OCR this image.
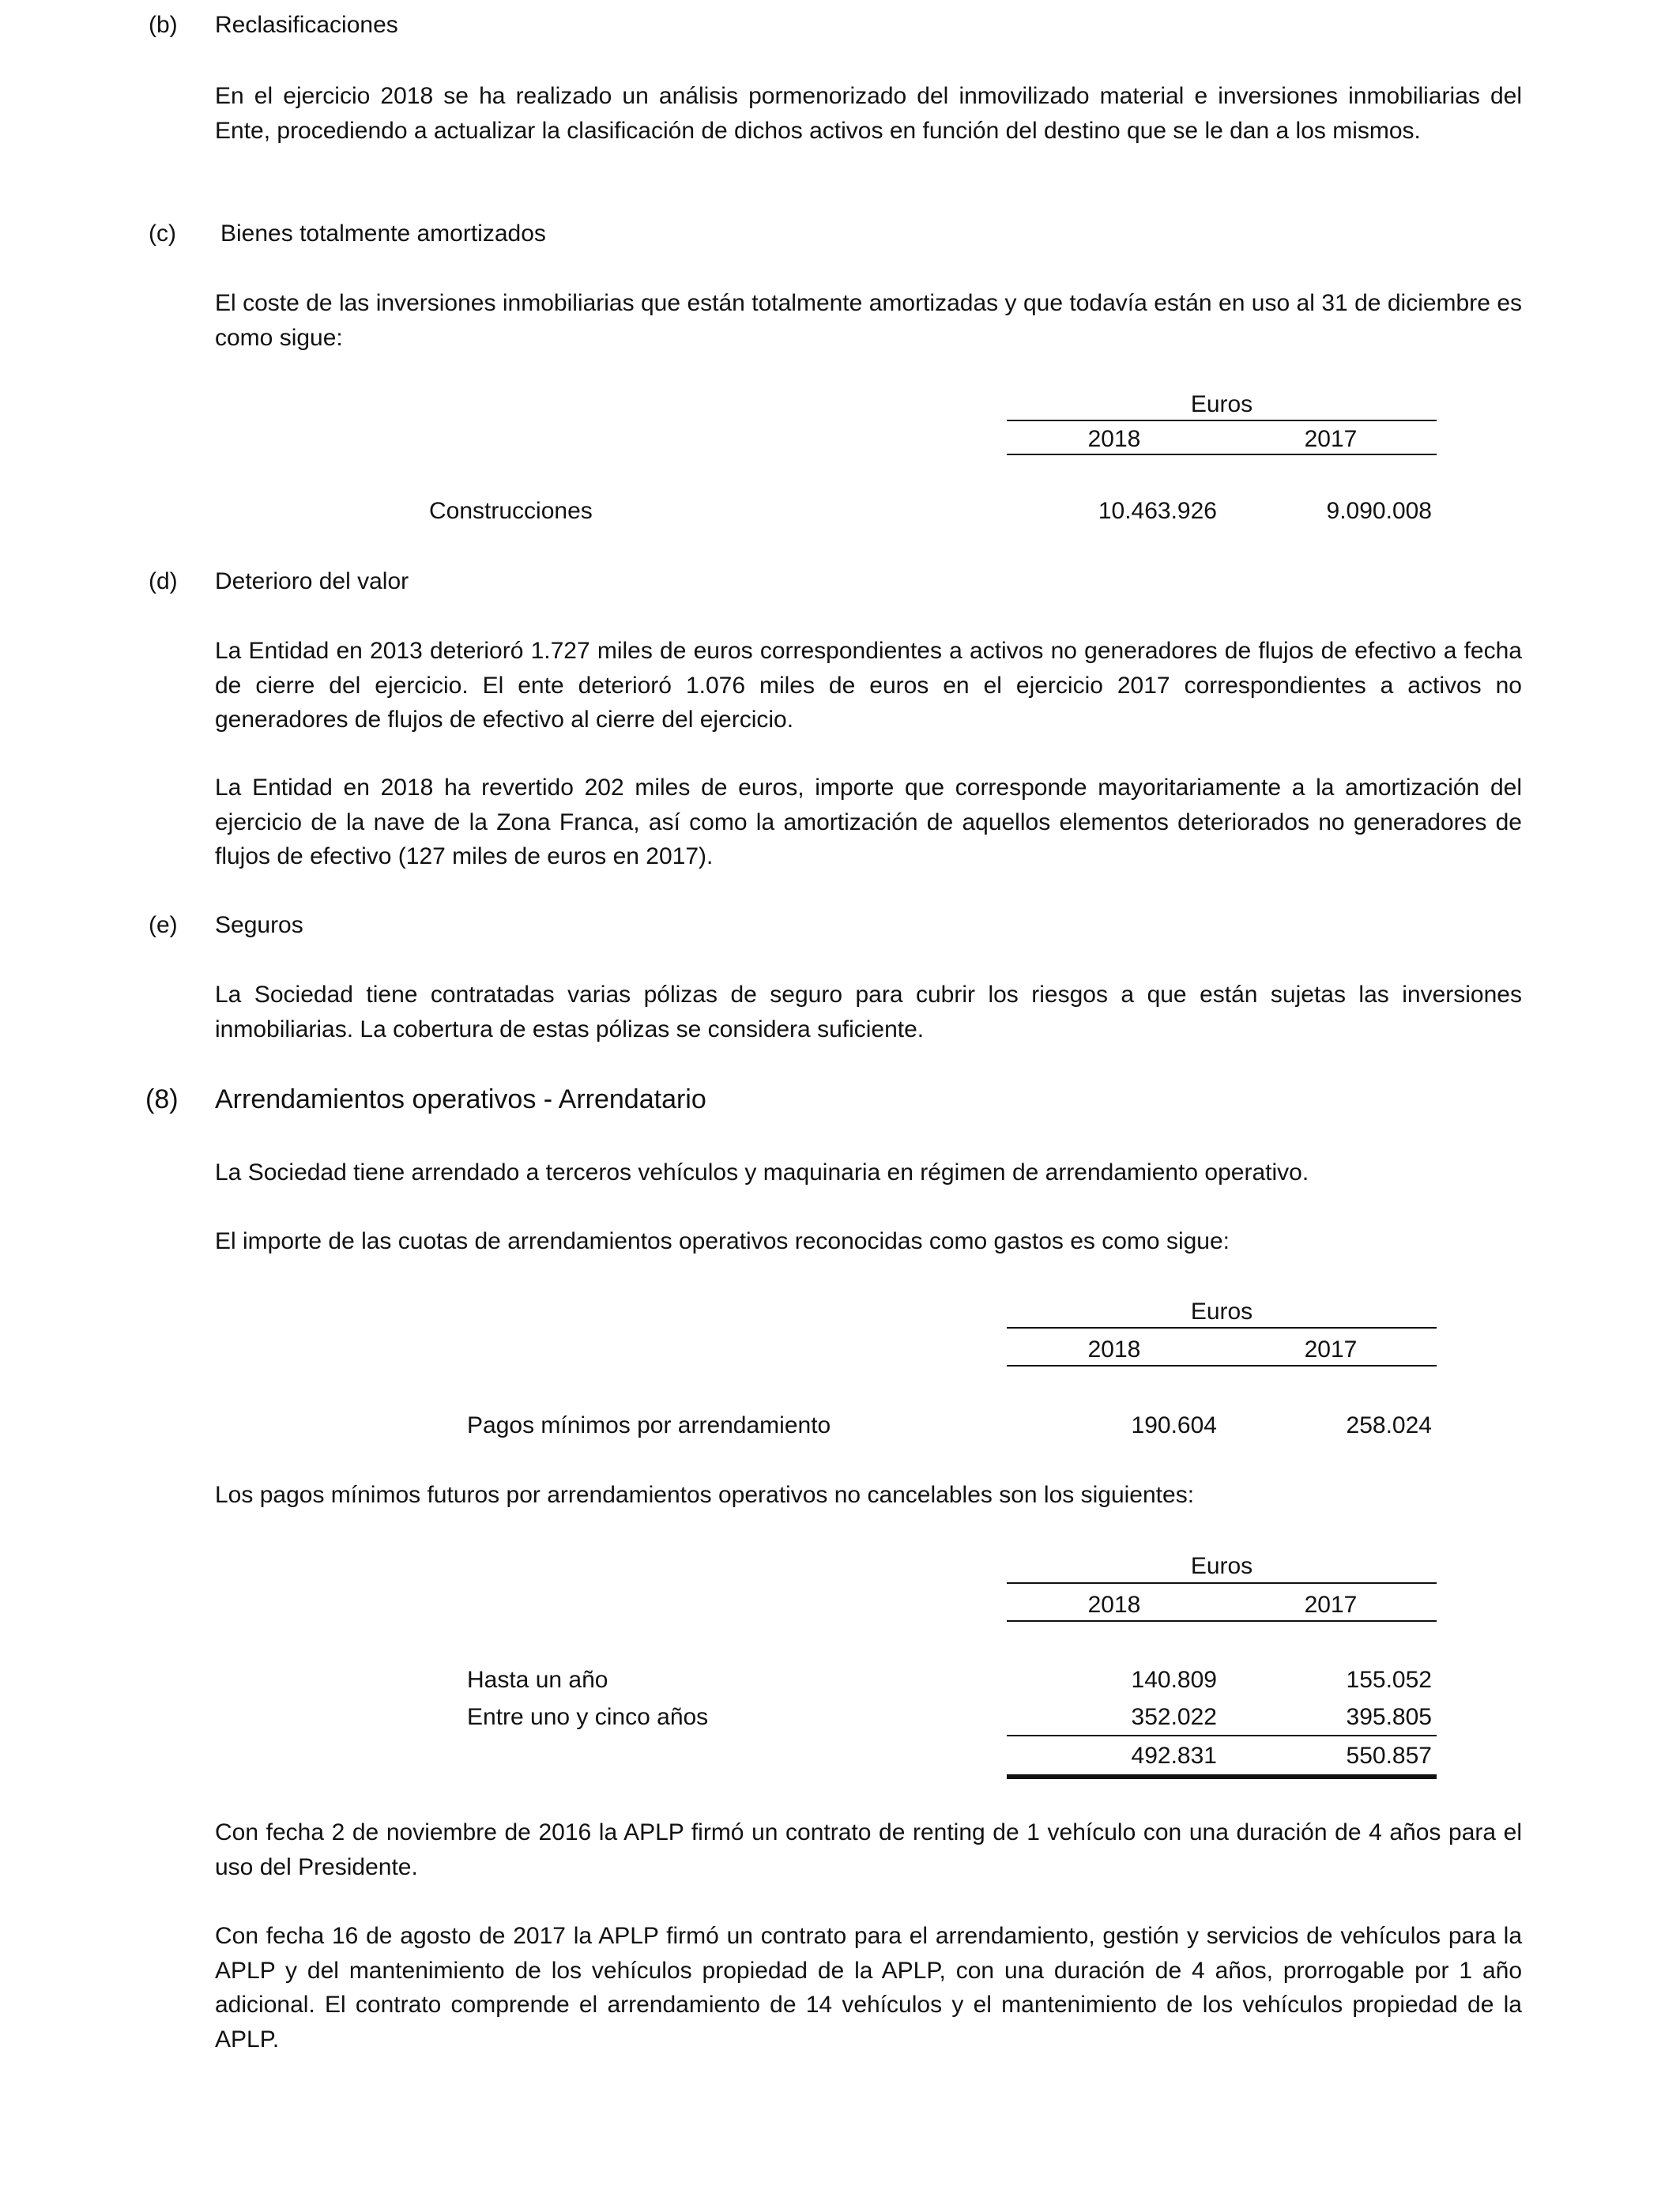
(b) Reclasificaciones
En el ejercicio 2018 se ha realizado un análisis pormenorizado del inmovilizado material e inversiones inmobiliarias del Ente, procediendo a actualizar la clasificación de dichos activos en función del destino que se le dan a los mismos.
(c) Bienes totalmente amortizados
El coste de las inversiones inmobiliarias que están totalmente amortizadas y que todavía están en uso al 31 de diciembre es como sigue:
Euros
2018	2017
Construcciones	10.463.926	9.090.008
(d) Deterioro del valor
La Entidad en 2013 deterioró 1.727 miles de euros correspondientes a activos no generadores de flujos de efectivo a fecha de cierre del ejercicio. El ente deterioró 1.076 miles de euros en el ejercicio 2017 correspondientes a activos no generadores de flujos de efectivo al cierre del ejercicio.
La Entidad en 2018 ha revertido 202 miles de euros, importe que corresponde mayoritariamente a la amortización del ejercicio de la nave de la Zona Franca, así como la amortización de aquellos elementos deteriorados no generadores de flujos de efectivo (127 miles de euros en 2017).
(e) Seguros
La Sociedad tiene contratadas varias pólizas de seguro para cubrir los riesgos a que están sujetas las inversiones inmobiliarias. La cobertura de estas pólizas se considera suficiente.
(8) Arrendamientos operativos - Arrendatario
La Sociedad tiene arrendado a terceros vehículos y maquinaria en régimen de arrendamiento operativo.
El importe de las cuotas de arrendamientos operativos reconocidas como gastos es como sigue:
Euros
2018	2017
Pagos mínimos por arrendamiento	190.604	258.024
Los pagos mínimos futuros por arrendamientos operativos no cancelables son los siguientes:
Euros
2018	2017
Hasta un año	140.809	155.052
Entre uno y cinco años	352.022	395.805
492.831	550.857
Con fecha 2 de noviembre de 2016 la APLP firmó un contrato de renting de 1 vehículo con una duración de 4 años para el uso del Presidente.
Con fecha 16 de agosto de 2017 la APLP firmó un contrato para el arrendamiento, gestión y servicios de vehículos para la APLP y del mantenimiento de los vehículos propiedad de la APLP, con una duración de 4 años, prorrogable por 1 año adicional. El contrato comprende el arrendamiento de 14 vehículos y el mantenimiento de los vehículos propiedad de la APLP.
